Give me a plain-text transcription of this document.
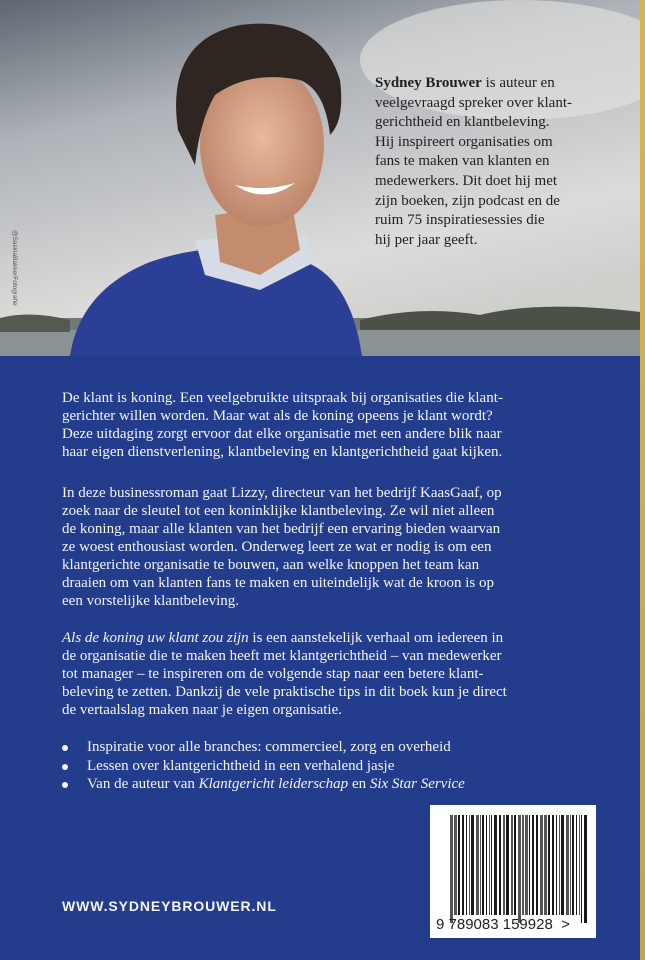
@SaskiaBakkerFotografie
Sydney Brouwer is auteur en
veelgevraagd spreker over klant-
gerichtheid en klantbeleving.
Hij inspireert organisaties om
fans te maken van klanten en
medewerkers. Dit doet hij met
zijn boeken, zijn podcast en de
ruim 75 inspiratiesessies die
hij per jaar geeft.
De klant is koning. Een veelgebruikte uitspraak bij organisaties die klant-
gerichter willen worden. Maar wat als de koning opeens je klant wordt?
Deze uitdaging zorgt ervoor dat elke organisatie met een andere blik naar
haar eigen dienstverlening, klantbeleving en klantgerichtheid gaat kijken.
In deze businessroman gaat Lizzy, directeur van het bedrijf KaasGaaf, op
zoek naar de sleutel tot een koninklijke klantbeleving. Ze wil niet alleen
de koning, maar alle klanten van het bedrijf een ervaring bieden waarvan
ze woest enthousiast worden. Onderweg leert ze wat er nodig is om een
klantgerichte organisatie te bouwen, aan welke knoppen het team kan
draaien om van klanten fans te maken en uiteindelijk wat de kroon is op
een vorstelijke klantbeleving.
Als de koning uw klant zou zijn is een aanstekelijk verhaal om iedereen in
de organisatie die te maken heeft met klantgerichtheid – van medewerker
tot manager – te inspireren om de volgende stap naar een betere klant-
beleving te zetten. Dankzij de vele praktische tips in dit boek kun je direct
de vertaalslag maken naar je eigen organisatie.
Inspiratie voor alle branches: commercieel, zorg en overheid
Lessen over klantgerichtheid in een verhalend jasje
Van de auteur van Klantgericht leiderschap en Six Star Service
WWW.SYDNEYBROUWER.NL
9 789083 159928 >
